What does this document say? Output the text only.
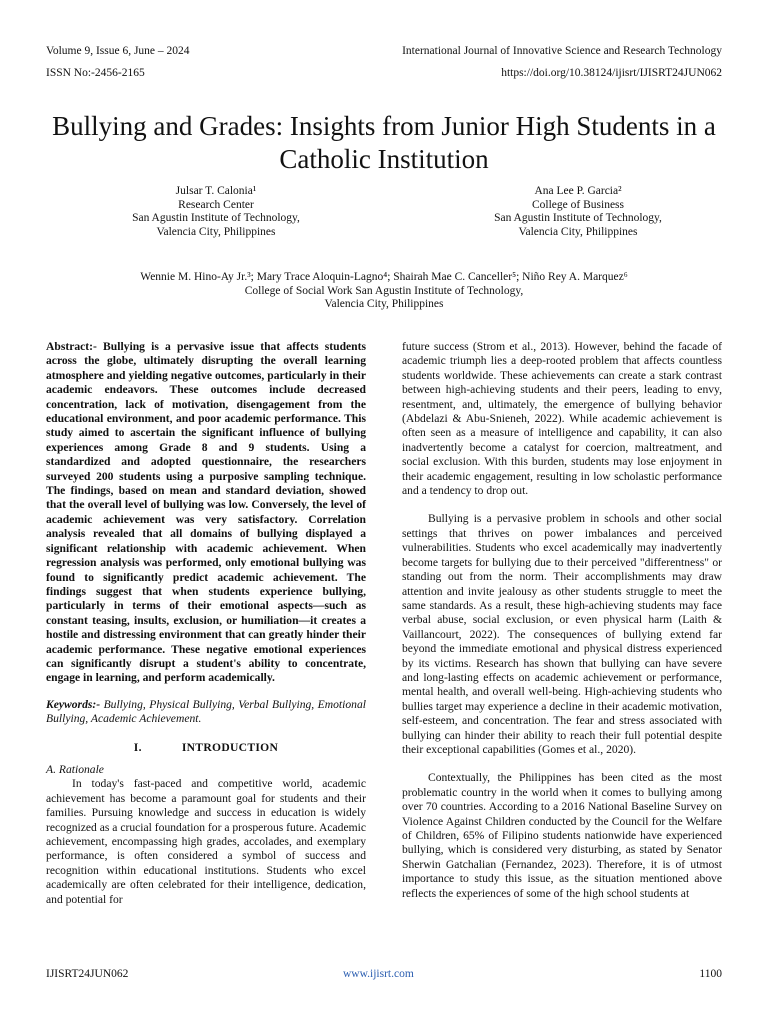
Volume 9, Issue 6, June – 2024	International Journal of Innovative Science and Research Technology
ISSN No:-2456-2165	https://doi.org/10.38124/ijisrt/IJISRT24JUN062
Bullying and Grades: Insights from Junior High Students in a Catholic Institution
Julsar T. Calonia¹
Research Center
San Agustin Institute of Technology,
Valencia City, Philippines
Ana Lee P. Garcia²
College of Business
San Agustin Institute of Technology,
Valencia City, Philippines
Wennie M. Hino-Ay Jr.³; Mary Trace Aloquin-Lagno⁴; Shairah Mae C. Canceller⁵; Niño Rey A. Marquez⁶
College of Social Work San Agustin Institute of Technology,
Valencia City, Philippines

Abstract:- Bullying is a pervasive issue that affects students across the globe, ultimately disrupting the overall learning atmosphere and yielding negative outcomes, particularly in their academic endeavors. These outcomes include decreased concentration, lack of motivation, disengagement from the educational environment, and poor academic performance. This study aimed to ascertain the significant influence of bullying experiences among Grade 8 and 9 students. Using a standardized and adopted questionnaire, the researchers surveyed 200 students using a purposive sampling technique. The findings, based on mean and standard deviation, showed that the overall level of bullying was low. Conversely, the level of academic achievement was very satisfactory. Correlation analysis revealed that all domains of bullying displayed a significant relationship with academic achievement. When regression analysis was performed, only emotional bullying was found to significantly predict academic achievement. The findings suggest that when students experience bullying, particularly in terms of their emotional aspects—such as constant teasing, insults, exclusion, or humiliation—it creates a hostile and distressing environment that can greatly hinder their academic performance. These negative emotional experiences can significantly disrupt a student's ability to concentrate, engage in learning, and perform academically.

Keywords:- Bullying, Physical Bullying, Verbal Bullying, Emotional Bullying, Academic Achievement.

I.	INTRODUCTION

A. Rationale

In today's fast-paced and competitive world, academic achievement has become a paramount goal for students and their families. Pursuing knowledge and success in education is widely recognized as a crucial foundation for a prosperous future. Academic achievement, encompassing high grades, accolades, and exemplary performance, is often considered a symbol of success and recognition within educational institutions. Students who excel academically are often celebrated for their intelligence, dedication, and potential for

future success (Strom et al., 2013). However, behind the facade of academic triumph lies a deep-rooted problem that affects countless students worldwide. These achievements can create a stark contrast between high-achieving students and their peers, leading to envy, resentment, and, ultimately, the emergence of bullying behavior (Abdelazi & Abu-Snieneh, 2022). While academic achievement is often seen as a measure of intelligence and capability, it can also inadvertently become a catalyst for coercion, maltreatment, and social exclusion. With this burden, students may lose enjoyment in their academic engagement, resulting in low scholastic performance and a tendency to drop out.

Bullying is a pervasive problem in schools and other social settings that thrives on power imbalances and perceived vulnerabilities. Students who excel academically may inadvertently become targets for bullying due to their perceived "differentness" or standing out from the norm. Their accomplishments may draw attention and invite jealousy as other students struggle to meet the same standards. As a result, these high-achieving students may face verbal abuse, social exclusion, or even physical harm (Laith & Vaillancourt, 2022). The consequences of bullying extend far beyond the immediate emotional and physical distress experienced by its victims. Research has shown that bullying can have severe and long-lasting effects on academic achievement or performance, mental health, and overall well-being. High-achieving students who bullies target may experience a decline in their academic motivation, self-esteem, and concentration. The fear and stress associated with bullying can hinder their ability to reach their full potential despite their exceptional capabilities (Gomes et al., 2020).

Contextually, the Philippines has been cited as the most problematic country in the world when it comes to bullying among over 70 countries. According to a 2016 National Baseline Survey on Violence Against Children conducted by the Council for the Welfare of Children, 65% of Filipino students nationwide have experienced bullying, which is considered very disturbing, as stated by Senator Sherwin Gatchalian (Fernandez, 2023). Therefore, it is of utmost importance to study this issue, as the situation mentioned above reflects the experiences of some of the high school students at

IJISRT24JUN062	www.ijisrt.com	1100
